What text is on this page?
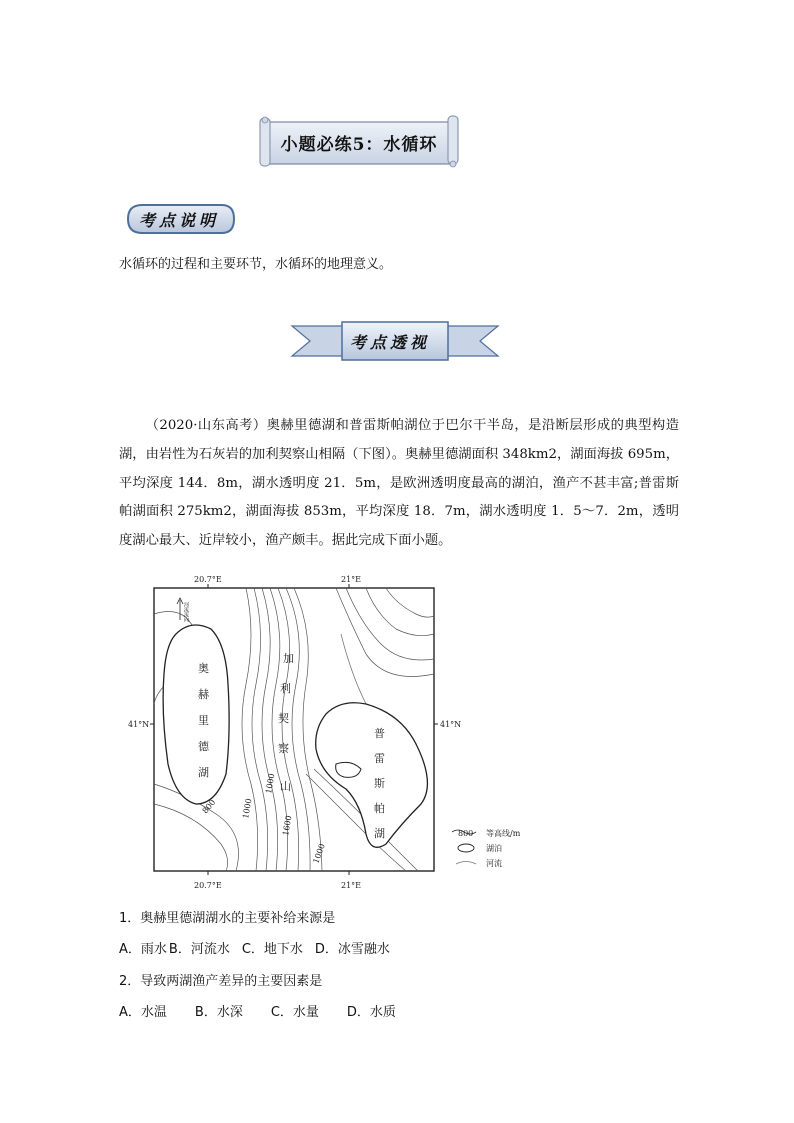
小题必练5：水循环
考点说明
水循环的过程和主要环节，水循环的地理意义。
考点透视
（2020·山东高考）奥赫里德湖和普雷斯帕湖位于巴尔干半岛，是沿断层形成的典型构造湖，由岩性为石灰岩的加利契察山相隔（下图）。奥赫里德湖面积 348km2，湖面海拔 695m，平均深度 144．8m，湖水透明度 21．5m，是欧洲透明度最高的湖泊，渔产不甚丰富;普雷斯帕湖面积 275km2，湖面海拔 853m，平均深度 18．7m，湖水透明度 1．5～7．2m，透明度湖心最大、近岸较小，渔产颇丰。据此完成下面小题。
20.7°E	21°E
20.7°E	21°E
41°N	41°N
奥
赫
里
德
湖
普
雷
斯
帕
湖
加
利
契
察
山
800	1000
1000
1600
1000
河流流向
800 等高线/m
湖泊
河流
1．奥赫里德湖湖水的主要补给来源是
A．雨水 B．河流水 C．地下水 D．冰雪融水
2．导致两湖渔产差异的主要因素是
A．水温 B．水深 C．水量 D．水质
